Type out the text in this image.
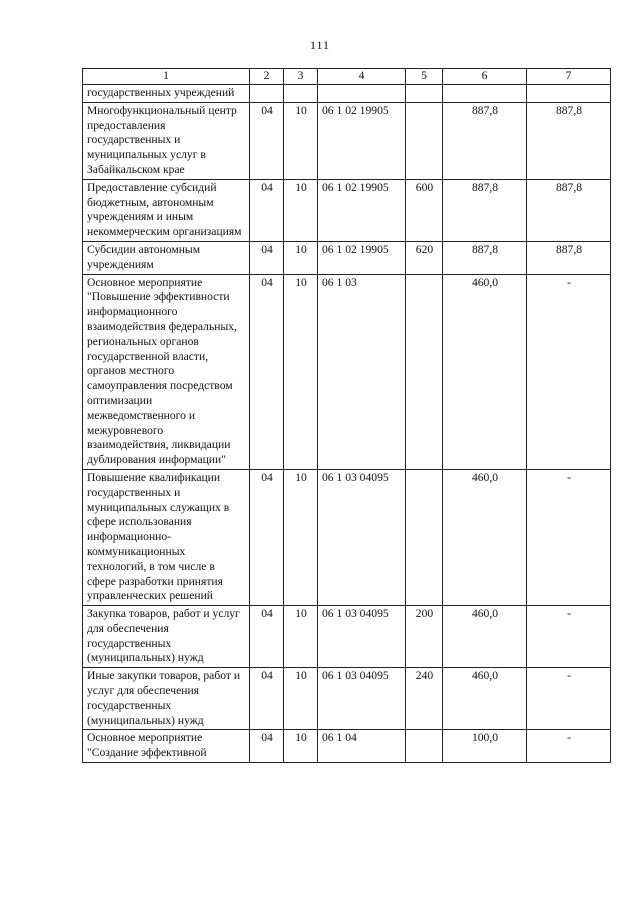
111
1	2	3	4	5	6	7
государственных учреждений						
Многофункциональный центр предоставления государственных и муниципальных услуг в Забайкальском крае	04	10	06 1 02 19905		887,8	887,8
Предоставление субсидий бюджетным, автономным учреждениям и иным некоммерческим организациям	04	10	06 1 02 19905	600	887,8	887,8
Субсидии автономным учреждениям	04	10	06 1 02 19905	620	887,8	887,8
Основное мероприятие "Повышение эффективности информационного взаимодействия федеральных, региональных органов государственной власти, органов местного самоуправления посредством оптимизации межведомственного и межуровневого взаимодействия, ликвидации дублирования информации"	04	10	06 1 03		460,0	-
Повышение квалификации государственных и муниципальных служащих в сфере использования информационно-коммуникационных технологий, в том числе в сфере разработки принятия управленческих решений	04	10	06 1 03 04095		460,0	-
Закупка товаров, работ и услуг для обеспечения государственных (муниципальных) нужд	04	10	06 1 03 04095	200	460,0	-
Иные закупки товаров, работ и услуг для обеспечения государственных (муниципальных) нужд	04	10	06 1 03 04095	240	460,0	-
Основное мероприятие "Создание эффективной	04	10	06 1 04		100,0	-
